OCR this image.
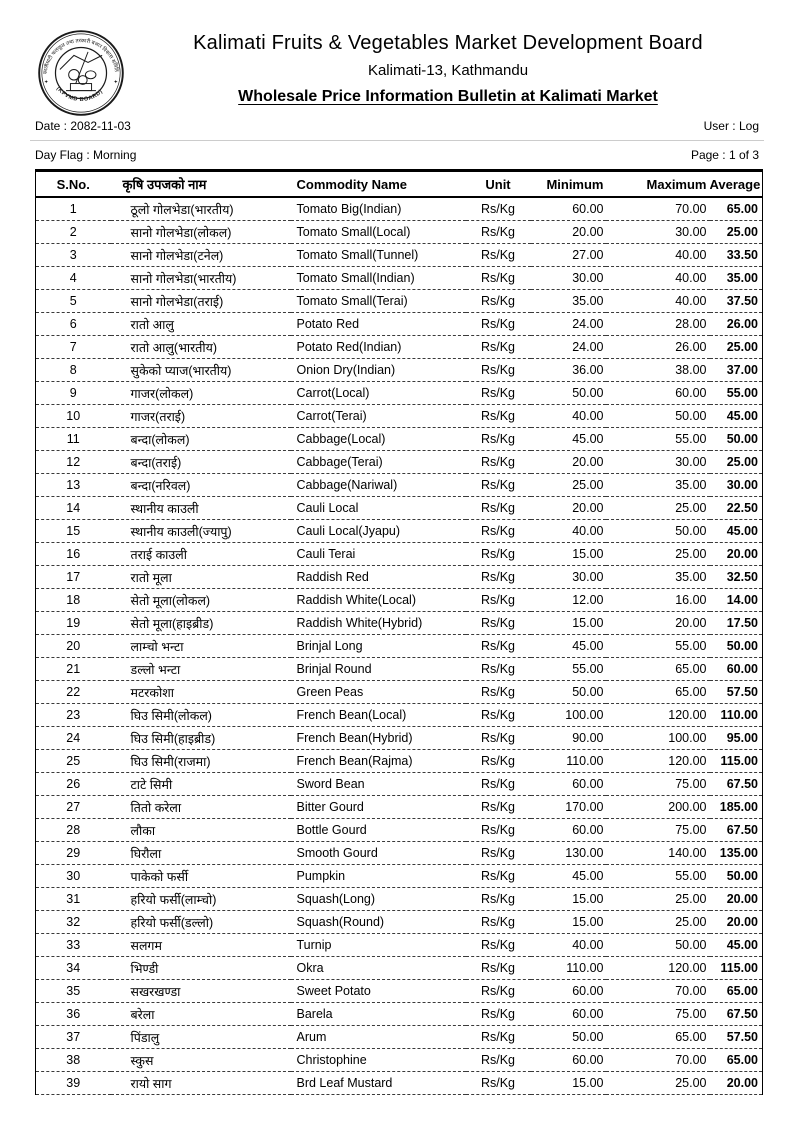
कालीमाटी फलफूल तथा तरकारी बजार विकास समिति
(KFVMD BOARD)
✦	✦
Kalimati Fruits & Vegetables Market Development Board
Kalimati-13, Kathmandu
Wholesale Price Information Bulletin at Kalimati Market
Date : 2082-11-03	User : Log
Day Flag : Morning	Page : 1 of 3
S.No.	कृषि उपजको नाम	Commodity Name	Unit	Minimum	Maximum	Average
1	ठूलो गोलभेडा(भारतीय)	Tomato Big(Indian)	Rs/Kg	60.00	70.00	65.00
2	सानो गोलभेडा(लोकल)	Tomato Small(Local)	Rs/Kg	20.00	30.00	25.00
3	सानो गोलभेडा(टनेल)	Tomato Small(Tunnel)	Rs/Kg	27.00	40.00	33.50
4	सानो गोलभेडा(भारतीय)	Tomato Small(Indian)	Rs/Kg	30.00	40.00	35.00
5	सानो गोलभेडा(तराई)	Tomato Small(Terai)	Rs/Kg	35.00	40.00	37.50
6	रातो आलु	Potato Red	Rs/Kg	24.00	28.00	26.00
7	रातो आलु(भारतीय)	Potato Red(Indian)	Rs/Kg	24.00	26.00	25.00
8	सुकेको प्याज(भारतीय)	Onion Dry(Indian)	Rs/Kg	36.00	38.00	37.00
9	गाजर(लोकल)	Carrot(Local)	Rs/Kg	50.00	60.00	55.00
10	गाजर(तराई)	Carrot(Terai)	Rs/Kg	40.00	50.00	45.00
11	बन्दा(लोकल)	Cabbage(Local)	Rs/Kg	45.00	55.00	50.00
12	बन्दा(तराई)	Cabbage(Terai)	Rs/Kg	20.00	30.00	25.00
13	बन्दा(नरिवल)	Cabbage(Nariwal)	Rs/Kg	25.00	35.00	30.00
14	स्थानीय काउली	Cauli Local	Rs/Kg	20.00	25.00	22.50
15	स्थानीय काउली(ज्यापु)	Cauli Local(Jyapu)	Rs/Kg	40.00	50.00	45.00
16	तराई काउली	Cauli Terai	Rs/Kg	15.00	25.00	20.00
17	रातो मूला	Raddish Red	Rs/Kg	30.00	35.00	32.50
18	सेतो मूला(लोकल)	Raddish White(Local)	Rs/Kg	12.00	16.00	14.00
19	सेतो मूला(हाइब्रीड)	Raddish White(Hybrid)	Rs/Kg	15.00	20.00	17.50
20	लाम्चो भन्टा	Brinjal Long	Rs/Kg	45.00	55.00	50.00
21	डल्लो भन्टा	Brinjal Round	Rs/Kg	55.00	65.00	60.00
22	मटरकोशा	Green Peas	Rs/Kg	50.00	65.00	57.50
23	घिउ सिमी(लोकल)	French Bean(Local)	Rs/Kg	100.00	120.00	110.00
24	घिउ सिमी(हाइब्रीड)	French Bean(Hybrid)	Rs/Kg	90.00	100.00	95.00
25	घिउ सिमी(राजमा)	French Bean(Rajma)	Rs/Kg	110.00	120.00	115.00
26	टाटे सिमी	Sword Bean	Rs/Kg	60.00	75.00	67.50
27	तितो करेला	Bitter Gourd	Rs/Kg	170.00	200.00	185.00
28	लौका	Bottle Gourd	Rs/Kg	60.00	75.00	67.50
29	घिरौला	Smooth Gourd	Rs/Kg	130.00	140.00	135.00
30	पाकेको फर्सी	Pumpkin	Rs/Kg	45.00	55.00	50.00
31	हरियो फर्सी(लाम्चो)	Squash(Long)	Rs/Kg	15.00	25.00	20.00
32	हरियो फर्सी(डल्लो)	Squash(Round)	Rs/Kg	15.00	25.00	20.00
33	सलगम	Turnip	Rs/Kg	40.00	50.00	45.00
34	भिण्डी	Okra	Rs/Kg	110.00	120.00	115.00
35	सखरखण्डा	Sweet Potato	Rs/Kg	60.00	70.00	65.00
36	बरेला	Barela	Rs/Kg	60.00	75.00	67.50
37	पिंडालु	Arum	Rs/Kg	50.00	65.00	57.50
38	स्कुस	Christophine	Rs/Kg	60.00	70.00	65.00
39	रायो साग	Brd Leaf Mustard	Rs/Kg	15.00	25.00	20.00
